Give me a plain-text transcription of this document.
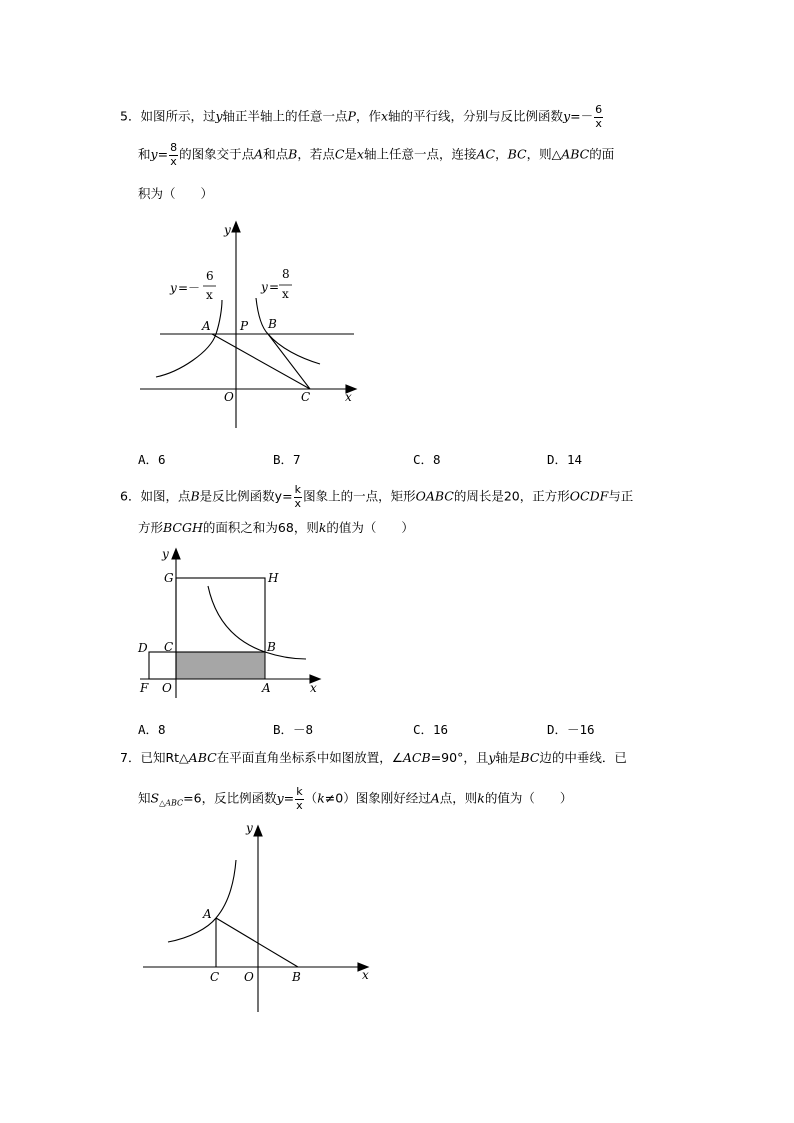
5．如图所示，过y轴正半轴上的任意一点P，作x轴的平行线，分别与反比例函数$y=- \frac{6}{x}$
和$y= \frac{8}{x}$ 的图象交于点A和点B，若点C是x轴上任意一点，连接AC，BC，则△ABC的面
积为（　　）
y
x
O
A P B
C
y =－
6
x
y =
8
x
A．6	B．7	C．8	D．14
6．如图，点B是反比例函数$y= \frac{k}{x}$ 图象上的一点，矩形OABC的周长是20，正方形OCDF与正
方形BCGH的面积之和为68，则k的值为（　　）
y
x
G	H
D C	B
F O	A
A．8	B．－8	C．16	D．－16
7．已知Rt△ABC在平面直角坐标系中如图放置，∠ACB=90°，且y轴是BC边的中垂线．已
知$S_{\triangle ABC}=6$，反比例函数$y= \frac{k}{x} (k\ne 0)$图象刚好经过A点，则k的值为（　　）
y
x
A
C O	B
